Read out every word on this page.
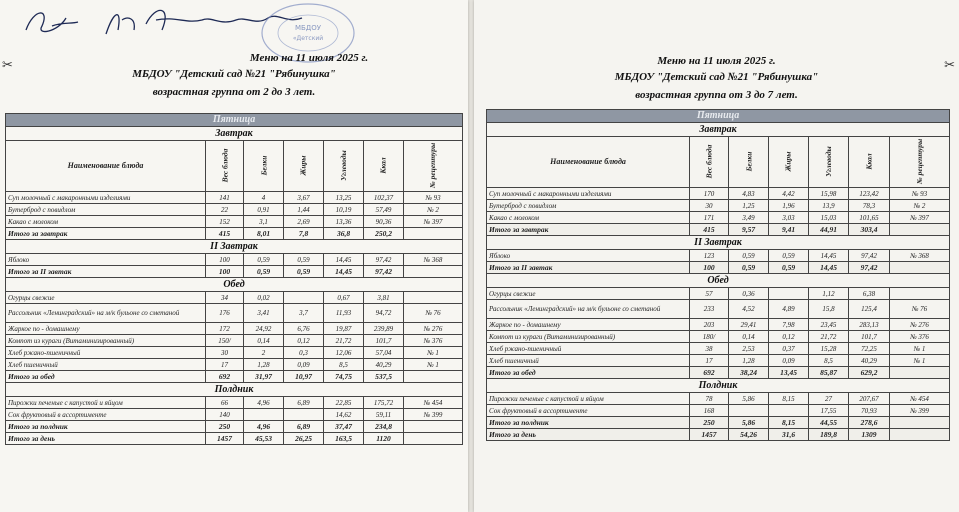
МБДОУ
«Детский
✂	Меню на 11 июля 2025 г.
МБДОУ "Детский сад №21 "Рябинушка"
возрастная группа от 2 до 3 лет.
Пятница						
Завтрак						
Наименование блюда	Вес блюда	Белки	Жиры	Углеводы	Ккал	№ рецептуры
Суп молочный с макаронными изделиями	141	4	3,67	13,25	102,37	№ 93
Бутерброд с повидлом	22	0,91	1,44	10,19	57,49	№ 2
Какао с молоком	152	3,1	2,69	13,36	90,36	№ 397
Итого за завтрак	415	8,01	7,8	36,8	250,2	
II Завтрак						
Яблоко	100	0,59	0,59	14,45	97,42	№ 368
Итого за II завтак	100	0,59	0,59	14,45	97,42	
Обед						
Огурцы свежие	34	0,02		0,67	3,81	
Рассольник «Ленинградский» на м/к бульоне со сметаной	176	3,41	3,7	11,93	94,72	№ 76
Жаркое по - домашнему	172	24,92	6,76	19,87	239,89	№ 276
Компот из кураги (Витаминизированный)	150/	0,14	0,12	21,72	101,7	№ 376
Хлеб ржано-пшеничный	30	2	0,3	12,06	57,04	№ 1
Хлеб пшеничный	17	1,28	0,09	8,5	40,29	№ 1
Итого за обед	692	31,97	10,97	74,75	537,5	
Полдник						
Пирожки печеные с капустой и яйцом	66	4,96	6,89	22,85	175,72	№ 454
Сок фруктовый в ассортименте	140			14,62	59,11	№ 399
Итого за полдник	250	4,96	6,89	37,47	234,8	
Итого за день	1457	45,53	26,25	163,5	1120	
✂
Меню на 11 июля 2025 г.
МБДОУ "Детский сад №21 "Рябинушка"
возрастная группа от 3 до 7 лет.
Пятница						
Завтрак						
Наименование блюда	Вес блюда	Белки	Жиры	Углеводы	Ккал	№ рецептуры
Суп молочный с макаронными изделиями	170	4,83	4,42	15,98	123,42	№ 93
Бутерброд с повидлом	30	1,25	1,96	13,9	78,3	№ 2
Какао с молоком	171	3,49	3,03	15,03	101,65	№ 397
Итого за завтрак	415	9,57	9,41	44,91	303,4	
II Завтрак						
Яблоко	123	0,59	0,59	14,45	97,42	№ 368
Итого за II завтак	100	0,59	0,59	14,45	97,42	
Обед						
Огурцы свежие	57	0,36		1,12	6,38	
Рассольник «Ленинградский» на м/к бульоне со сметаной	233	4,52	4,89	15,8	125,4	№ 76
Жаркое по - домашнему	203	29,41	7,98	23,45	283,13	№ 276
Компот из кураги (Витаминизированный)	180/	0,14	0,12	21,72	101,7	№ 376
Хлеб ржано-пшеничный	38	2,53	0,37	15,28	72,25	№ 1
Хлеб пшеничный	17	1,28	0,09	8,5	40,29	№ 1
Итого за обед	692	38,24	13,45	85,87	629,2	
Полдник						
Пирожки печеные с капустой и яйцом	78	5,86	8,15	27	207,67	№ 454
Сок фруктовый в ассортименте	168			17,55	70,93	№ 399
Итого за полдник	250	5,86	8,15	44,55	278,6	
Итого за день	1457	54,26	31,6	189,8	1309	
